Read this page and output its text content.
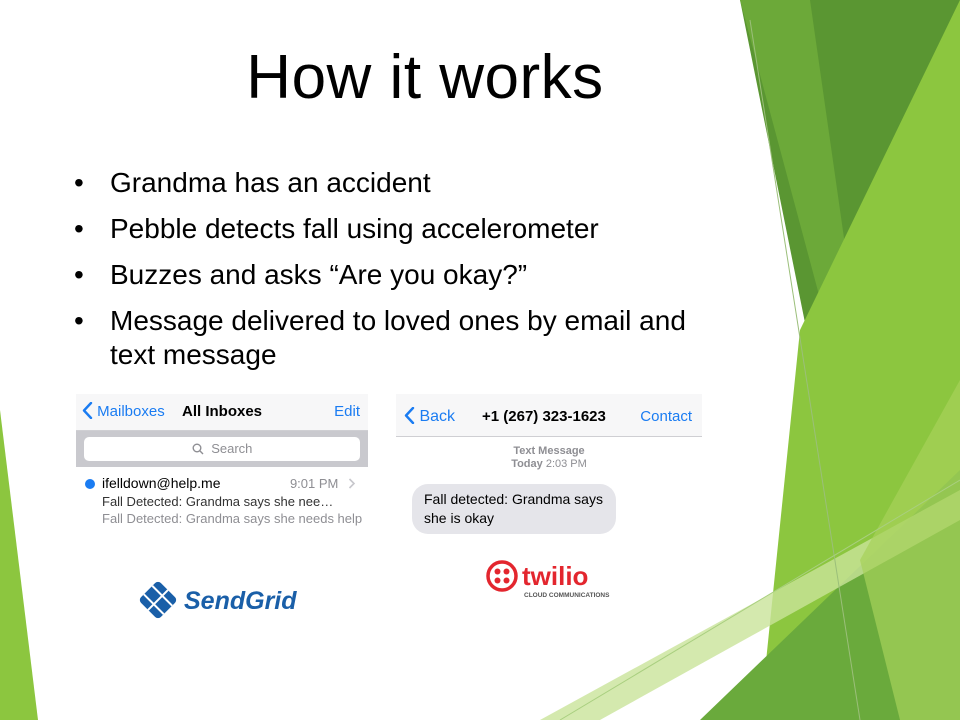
How it works
• Grandma has an accident
• Pebble detects fall using accelerometer
• Buzzes and asks “Are you okay?”
• Message delivered to loved ones by email and text message
Mailboxes All Inboxes	Edit
Search
ifelldown@help.me	9:01 PM
Fall Detected: Grandma says she nee…
Fall Detected: Grandma says she needs help
Back +1 (267) 323-1623 Contact
Text Message
Today 2:03 PM
Fall detected: Grandma says she is okay
SendGrid
twilio
CLOUD COMMUNICATIONS
